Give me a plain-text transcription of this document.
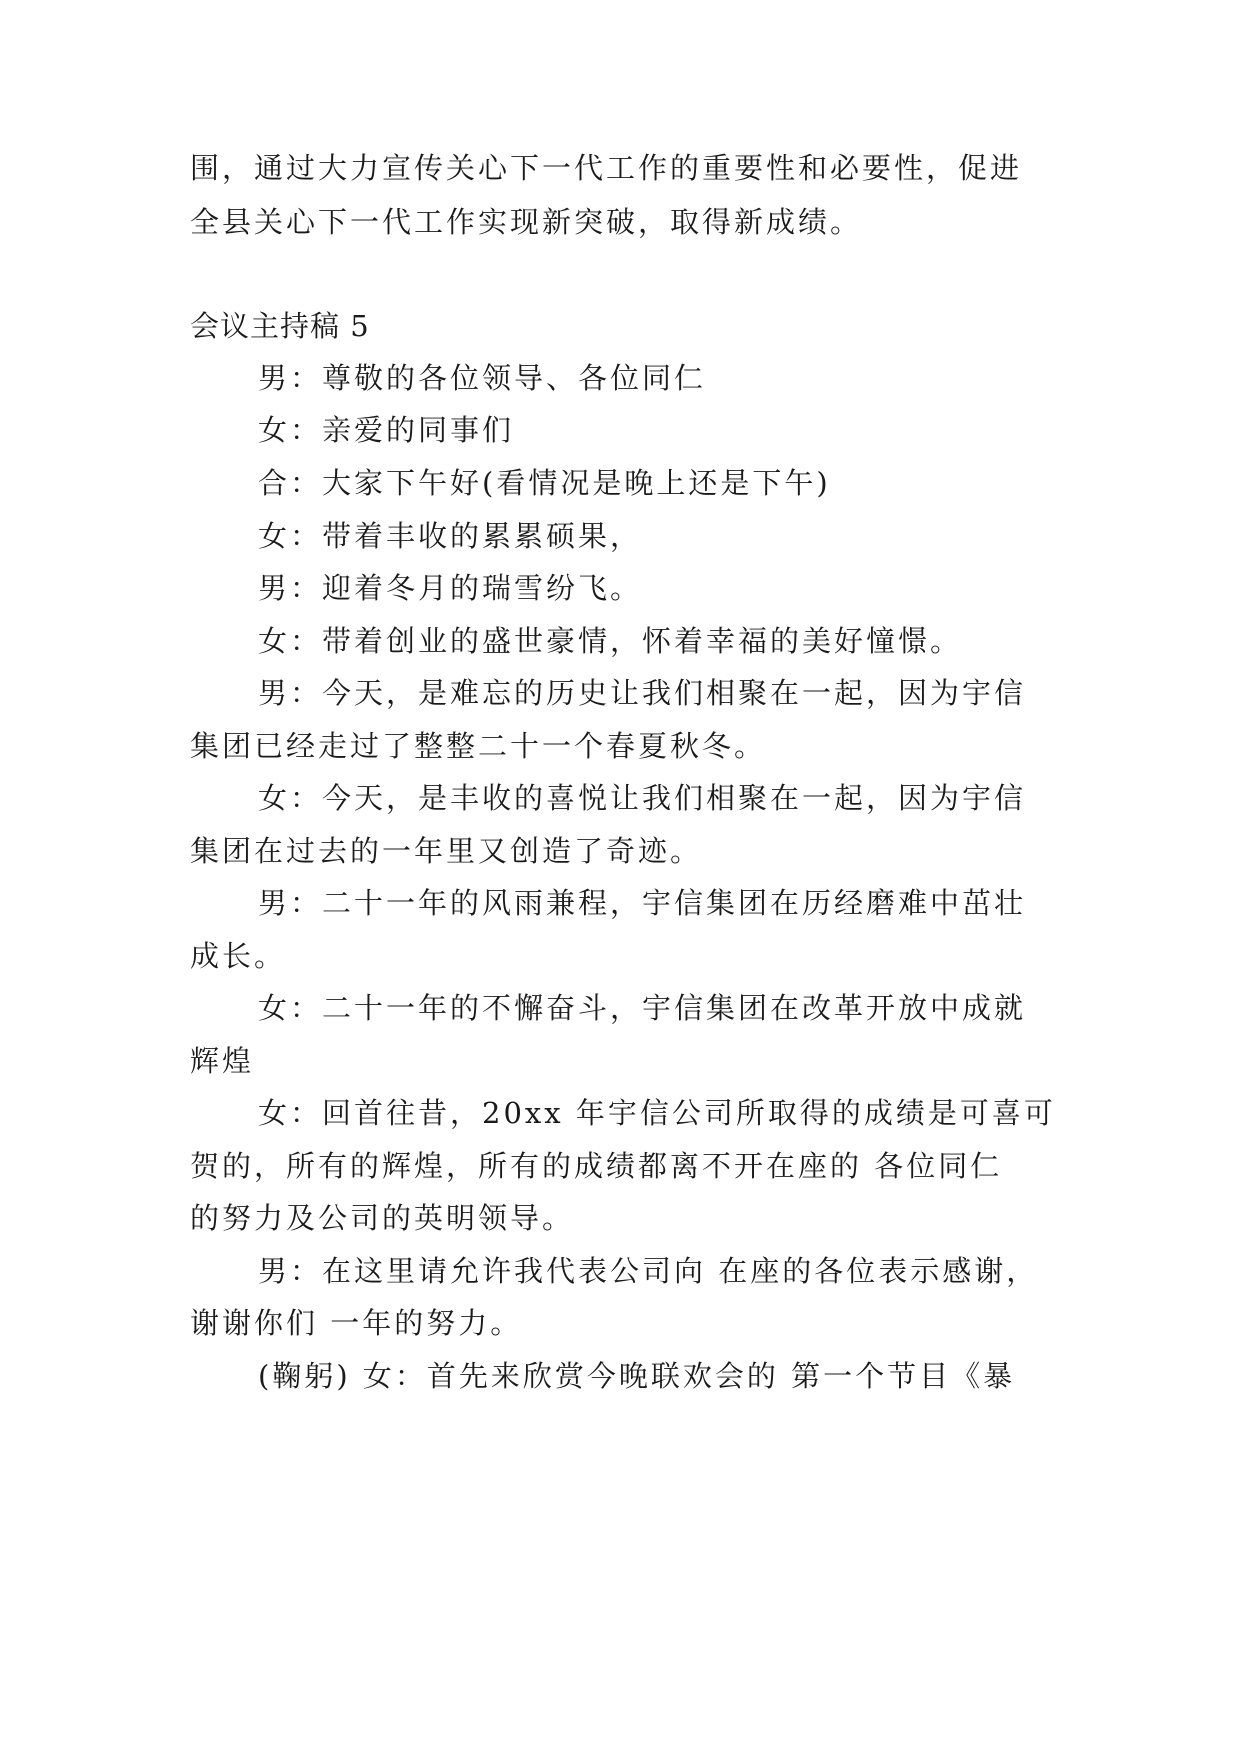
围，通过大力宣传关心下一代工作的重要性和必要性，促进
全县关心下一代工作实现新突破，取得新成绩。
会议主持稿 5
男：尊敬的各位领导、各位同仁
女：亲爱的同事们
合：大家下午好(看情况是晚上还是下午)
女：带着丰收的累累硕果，
男：迎着冬月的瑞雪纷飞。
女：带着创业的盛世豪情，怀着幸福的美好憧憬。
男：今天，是难忘的历史让我们相聚在一起，因为宇信
集团已经走过了整整二十一个春夏秋冬。
女：今天，是丰收的喜悦让我们相聚在一起，因为宇信
集团在过去的一年里又创造了奇迹。
男：二十一年的风雨兼程，宇信集团在历经磨难中茁壮
成长。
女：二十一年的不懈奋斗，宇信集团在改革开放中成就
辉煌
女：回首往昔，20xx 年宇信公司所取得的成绩是可喜可
贺的，所有的辉煌，所有的成绩都离不开在座的 各位同仁
的努力及公司的英明领导。
男：在这里请允许我代表公司向 在座的各位表示感谢，
谢谢你们 一年的努力。
(鞠躬) 女：首先来欣赏今晚联欢会的 第一个节目《暴
